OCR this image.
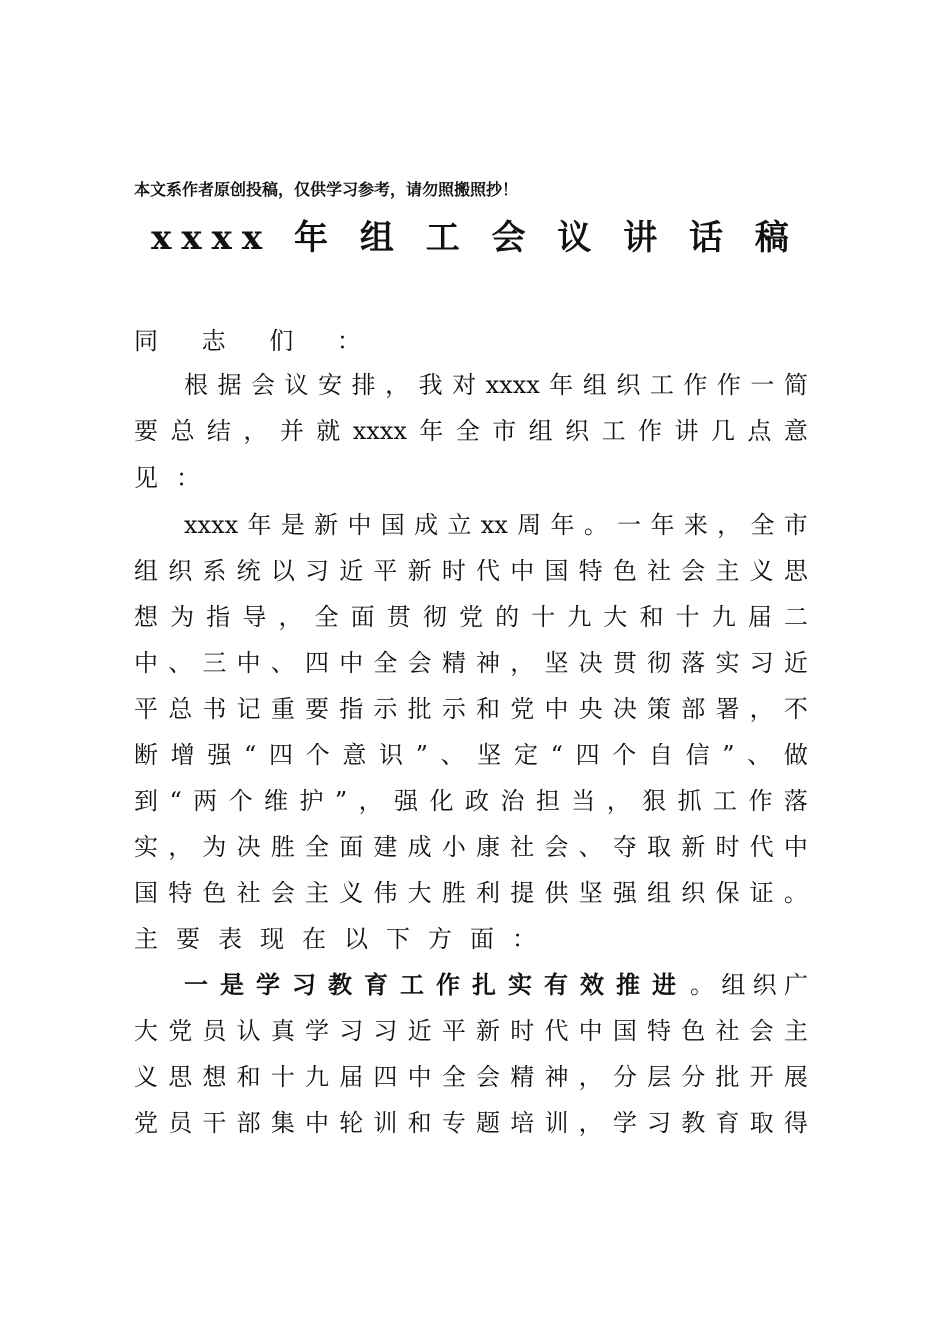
本文系作者原创投稿，仅供学习参考，请勿照搬照抄！
xxxx 年 组 工 会 议 讲 话 稿
同 志 们 ：
根 据 会 议 安 排 ， 我 对 xxxx 年 组 织 工 作 作 一 简
要 总 结 ， 并 就 xxxx 年 全 市 组 织 工 作 讲 几 点 意
见：
xxxx 年 是 新 中 国 成 立 xx 周 年 。 一 年 来 ， 全 市
组 织 系 统 以 习 近 平 新 时 代 中 国 特 色 社 会 主 义 思
想 为 指 导 ， 全 面 贯 彻 党 的 十 九 大 和 十 九 届 二
中 、 三 中 、 四 中 全 会 精 神 ， 坚 决 贯 彻 落 实 习 近
平 总 书 记 重 要 指 示 批 示 和 党 中 央 决 策 部 署 ， 不
断 增 强 “ 四 个 意 识 ” 、 坚 定 “ 四 个 自 信 ” 、 做
到 “ 两 个 维 护 ” ， 强 化 政 治 担 当 ， 狠 抓 工 作 落
实 ， 为 决 胜 全 面 建 成 小 康 社 会 、 夺 取 新 时 代 中
国 特 色 社 会 主 义 伟 大 胜 利 提 供 坚 强 组 织 保 证 。
主要表现在以下方面：
一 是 学 习 教 育 工 作 扎 实 有 效 推 进 。 组 织 广
大 党 员 认 真 学 习 习 近 平 新 时 代 中 国 特 色 社 会 主
义 思 想 和 十 九 届 四 中 全 会 精 神 ， 分 层 分 批 开 展
党 员 干 部 集 中 轮 训 和 专 题 培 训 ， 学 习 教 育 取 得
